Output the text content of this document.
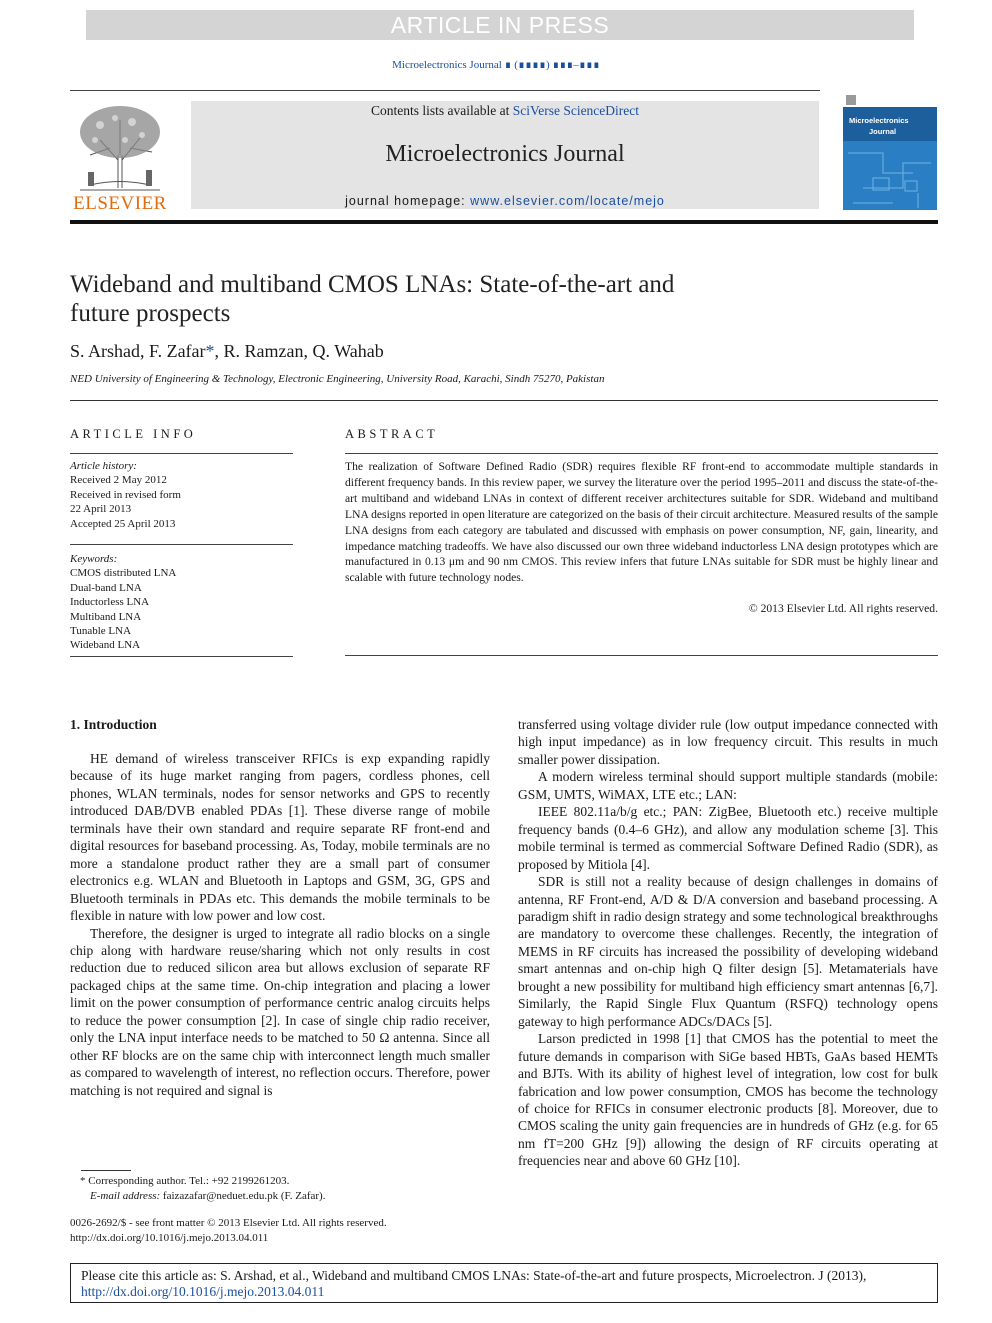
ARTICLE IN PRESS
Microelectronics Journal ∎ (∎∎∎∎) ∎∎∎–∎∎∎
ELSEVIER
Contents lists available at SciVerse ScienceDirect
Microelectronics Journal
journal homepage: www.elsevier.com/locate/mejo
Microelectronics
Journal
Wideband and multiband CMOS LNAs: State-of-the-art and
future prospects
S. Arshad, F. Zafar*, R. Ramzan, Q. Wahab
NED University of Engineering & Technology, Electronic Engineering, University Road, Karachi, Sindh 75270, Pakistan
ARTICLE INFO
Article history:
Received 2 May 2012
Received in revised form
22 April 2013
Accepted 25 April 2013
Keywords:
CMOS distributed LNA
Dual-band LNA
Inductorless LNA
Multiband LNA
Tunable LNA
Wideband LNA
ABSTRACT
The realization of Software Defined Radio (SDR) requires flexible RF front-end to accommodate multiple standards in different frequency bands. In this review paper, we survey the literature over the period 1995–2011 and discuss the state-of-the-art multiband and wideband LNAs in context of different receiver architectures suitable for SDR. Wideband and multiband LNA designs reported in open literature are categorized on the basis of their circuit architecture. Measured results of the sample LNA designs from each category are tabulated and discussed with emphasis on power consumption, NF, gain, linearity, and impedance matching tradeoffs. We have also discussed our own three wideband inductorless LNA design prototypes which are manufactured in 0.13 μm and 90 nm CMOS. This review infers that future LNAs suitable for SDR must be highly linear and scalable with future technology nodes.
© 2013 Elsevier Ltd. All rights reserved.
1. Introduction

HE demand of wireless transceiver RFICs is exp expanding rapidly because of its huge market ranging from pagers, cordless phones, cell phones, WLAN terminals, nodes for sensor networks and GPS to recently introduced DAB/DVB enabled PDAs [1]. These diverse range of mobile terminals have their own standard and require separate RF front-end and digital resources for baseband processing. As, Today, mobile terminals are no more a standalone product rather they are a small part of consumer electronics e.g. WLAN and Bluetooth in Laptops and GSM, 3G, GPS and Bluetooth terminals in PDAs etc. This demands the mobile terminals to be flexible in nature with low power and low cost.

Therefore, the designer is urged to integrate all radio blocks on a single chip along with hardware reuse/sharing which not only results in cost reduction due to reduced silicon area but allows exclusion of separate RF packaged chips at the same time. On-chip integration and placing a lower limit on the power consumption of performance centric analog circuits helps to reduce the power consumption [2]. In case of single chip radio receiver, only the LNA input interface needs to be matched to 50 Ω antenna. Since all other RF blocks are on the same chip with interconnect length much smaller as compared to wavelength of interest, no reflection occurs. Therefore, power matching is not required and signal is

transferred using voltage divider rule (low output impedance connected with high input impedance) as in low frequency circuit. This results in much smaller power dissipation.

A modern wireless terminal should support multiple standards (mobile: GSM, UMTS, WiMAX, LTE etc.; LAN:

IEEE 802.11a/b/g etc.; PAN: ZigBee, Bluetooth etc.) receive multiple frequency bands (0.4–6 GHz), and allow any modulation scheme [3]. This mobile terminal is termed as commercial Software Defined Radio (SDR), as proposed by Mitiola [4].

SDR is still not a reality because of design challenges in domains of antenna, RF Front-end, A/D & D/A conversion and baseband processing. A paradigm shift in radio design strategy and some technological breakthroughs are mandatory to overcome these challenges. Recently, the integration of MEMS in RF circuits has increased the possibility of developing wideband smart antennas and on-chip high Q filter design [5]. Metamaterials have brought a new possibility for multiband high efficiency smart antennas [6,7]. Similarly, the Rapid Single Flux Quantum (RSFQ) technology opens gateway to high performance ADCs/DACs [5].

Larson predicted in 1998 [1] that CMOS has the potential to meet the future demands in comparison with SiGe based HBTs, GaAs based HEMTs and BJTs. With its ability of highest level of integration, low cost for bulk fabrication and low power consumption, CMOS has become the technology of choice for RFICs in consumer electronic products [8]. Moreover, due to CMOS scaling the unity gain frequencies are in hundreds of GHz (e.g. for 65 nm fT=200 GHz [9]) allowing the design of RF circuits operating at frequencies near and above 60 GHz [10].

* Corresponding author. Tel.: +92 2199261203.
E-mail address: faizazafar@neduet.edu.pk (F. Zafar).
0026-2692/$ - see front matter © 2013 Elsevier Ltd. All rights reserved.
http://dx.doi.org/10.1016/j.mejo.2013.04.011
Please cite this article as: S. Arshad, et al., Wideband and multiband CMOS LNAs: State-of-the-art and future prospects, Microelectron. J (2013), http://dx.doi.org/10.1016/j.mejo.2013.04.011
